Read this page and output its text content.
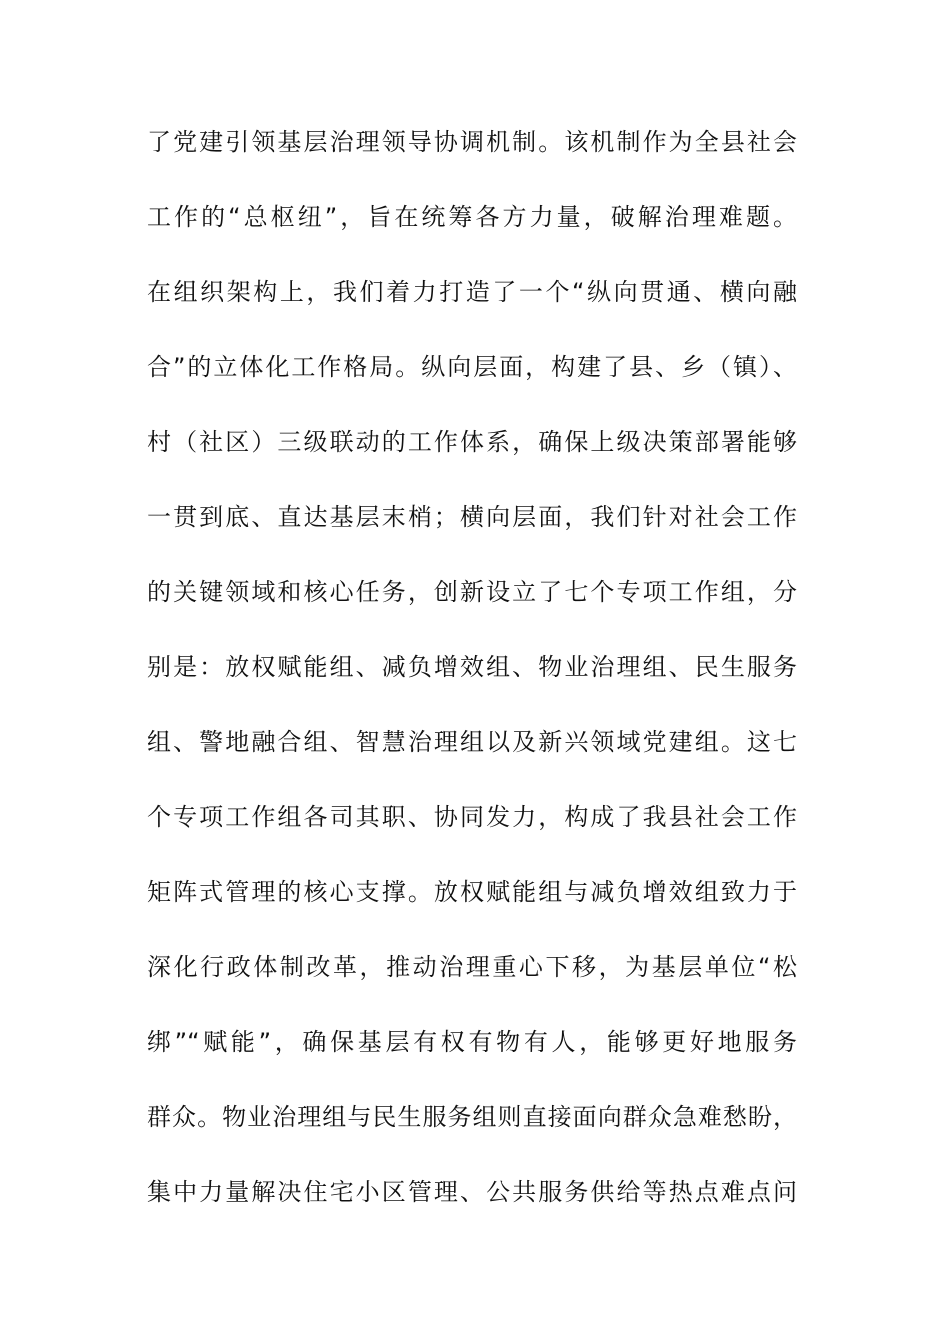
了党建引领基层治理领导协调机制。该机制作为全县社会
工作的“总枢纽”，旨在统筹各方力量，破解治理难题。
在组织架构上，我们着力打造了一个“纵向贯通、横向融
合”的立体化工作格局。纵向层面，构建了县、乡（镇）、
村（社区）三级联动的工作体系，确保上级决策部署能够
一贯到底、直达基层末梢；横向层面，我们针对社会工作
的关键领域和核心任务，创新设立了七个专项工作组，分
别是：放权赋能组、减负增效组、物业治理组、民生服务
组、警地融合组、智慧治理组以及新兴领域党建组。这七
个专项工作组各司其职、协同发力，构成了我县社会工作
矩阵式管理的核心支撑。放权赋能组与减负增效组致力于
深化行政体制改革，推动治理重心下移，为基层单位“松
绑”“赋能”，确保基层有权有物有人，能够更好地服务
群众。物业治理组与民生服务组则直接面向群众急难愁盼，
集中力量解决住宅小区管理、公共服务供给等热点难点问
